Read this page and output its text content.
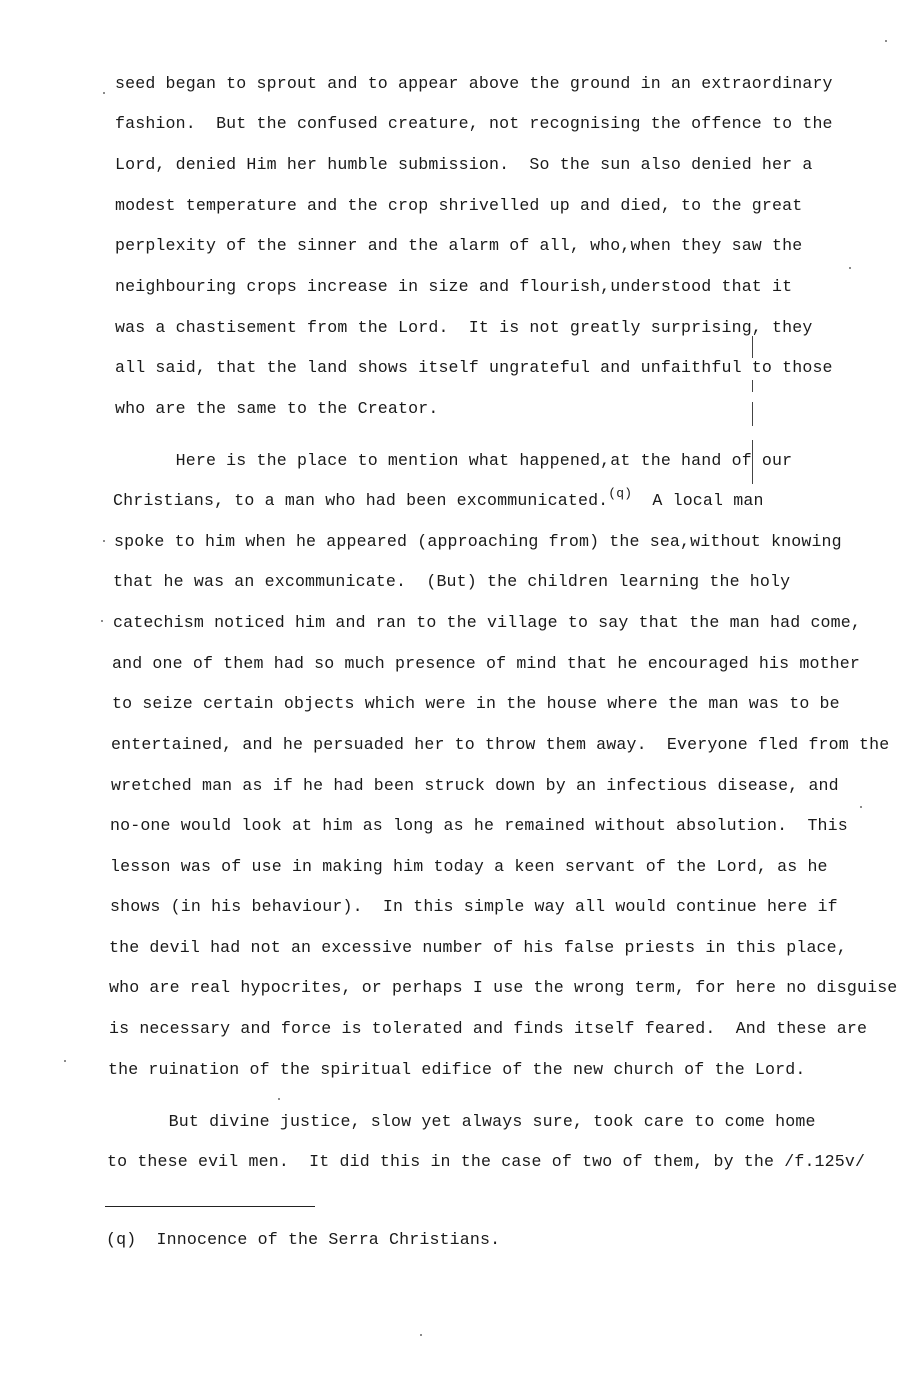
seed began to sprout and to appear above the ground in an extraordinary
fashion.  But the confused creature, not recognising the offence to the
Lord, denied Him her humble submission.  So the sun also denied her a
modest temperature and the crop shrivelled up and died, to the great
perplexity of the sinner and the alarm of all, who,when they saw the
neighbouring crops increase in size and flourish,understood that it
was a chastisement from the Lord.  It is not greatly surprising, they
all said, that the land shows itself ungrateful and unfaithful to those
who are the same to the Creator.
Here is the place to mention what happened,at the hand of our
Christians, to a man who had been excommunicated.$^{(q)}$  A local man
spoke to him when he appeared (approaching from) the sea,without knowing
that he was an excommunicate.  (But) the children learning the holy
catechism noticed him and ran to the village to say that the man had come,
and one of them had so much presence of mind that he encouraged his mother
to seize certain objects which were in the house where the man was to be
entertained, and he persuaded her to throw them away.  Everyone fled from the
wretched man as if he had been struck down by an infectious disease, and
no-one would look at him as long as he remained without absolution.  This
lesson was of use in making him today a keen servant of the Lord, as he
shows (in his behaviour).  In this simple way all would continue here if
the devil had not an excessive number of his false priests in this place,
who are real hypocrites, or perhaps I use the wrong term, for here no disguise
is necessary and force is tolerated and finds itself feared.  And these are
the ruination of the spiritual edifice of the new church of the Lord.
But divine justice, slow yet always sure, took care to come home
to these evil men.  It did this in the case of two of them, by the /f.125v/
(q)  Innocence of the Serra Christians.
